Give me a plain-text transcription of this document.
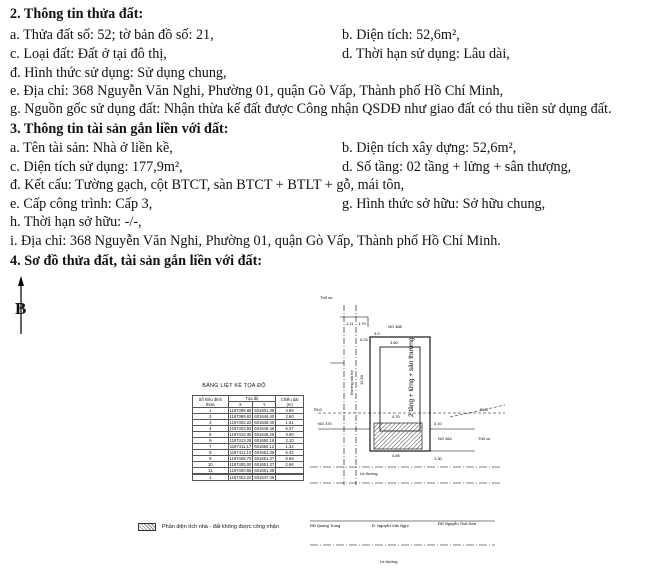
2. Thông tin thửa đất:
a. Thửa đất số: 52; tờ bản đồ số: 21,	b. Diện tích: 52,6m²,
c. Loại đất: Đất ở tại đô thị,	d. Thời hạn sử dụng: Lâu dài,
đ. Hình thức sử dụng: Sử dụng chung,
e. Địa chỉ: 368 Nguyễn Văn Nghi, Phường 01, quận Gò Vấp, Thành phố Hồ Chí Minh,
g. Nguồn gốc sử dụng đất: Nhận thừa kế đất được Công nhận QSDĐ như giao đất có thu tiền sử dụng đất.
3. Thông tin tài sản gắn liền với đất:
a. Tên tài sản: Nhà ở liền kề,	b. Diện tích xây dựng: 52,6m²,
c. Diện tích sử dụng: 177,9m²,	d. Số tầng: 02 tầng + lửng + sân thượng,
đ. Kết cấu: Tường gạch, cột BTCT, sàn BTCT + BTLT + gỗ, mái tôn,
e. Cấp công trình: Cấp 3,	g. Hình thức sở hữu: Sở hữu chung,
h. Thời hạn sở hữu: -/-,
i. Địa chỉ: 368 Nguyễn Văn Nghi, Phường 01, quận Gò Vấp, Thành phố Hồ Chí Minh.
4. Sơ đồ thửa đất, tài sản gắn liền với đất:
B
BẢNG LIỆT KÊ TỌA ĐỘ
Số hiệu đỉnh thửa	Tọa độ		Chiều dài (m)
	X	Y	
1	1197399.68	601601.38	4.85
2	1197399.82	601646.40	2.60
3	1197402.22	601646.40	1.51
4	1197403.83	601646.46	6.37
5	1197410.30	601646.26	3.60
6	1197413.28	601650.18	2.10
7	1197411.17	601650.12	1.32
8	1197411.10	601651.35	6.42
9	1197408.70	601651.37	6.58
10	1197405.00	601651.37	2.66
11	1197400.65	601651.38	

1	1197402.22	601647.46	
Phần diện tích nhà - đất không được công nhận
Thổ cư
NO 368
RLG
NO 370
NO 364
RLG
Thổ cư
Lề đường
ĐĐ Quang Trung	Đ. Nguyễn Văn Nghi	ĐĐ Nguyễn Thái Sơn
Lề đường
Đường nội bộ	2 tầng + lửng + sân thượng
1.11 1.79
3.0
0.24
3.60
4.70
4.85
12.60
2.10
1.30
